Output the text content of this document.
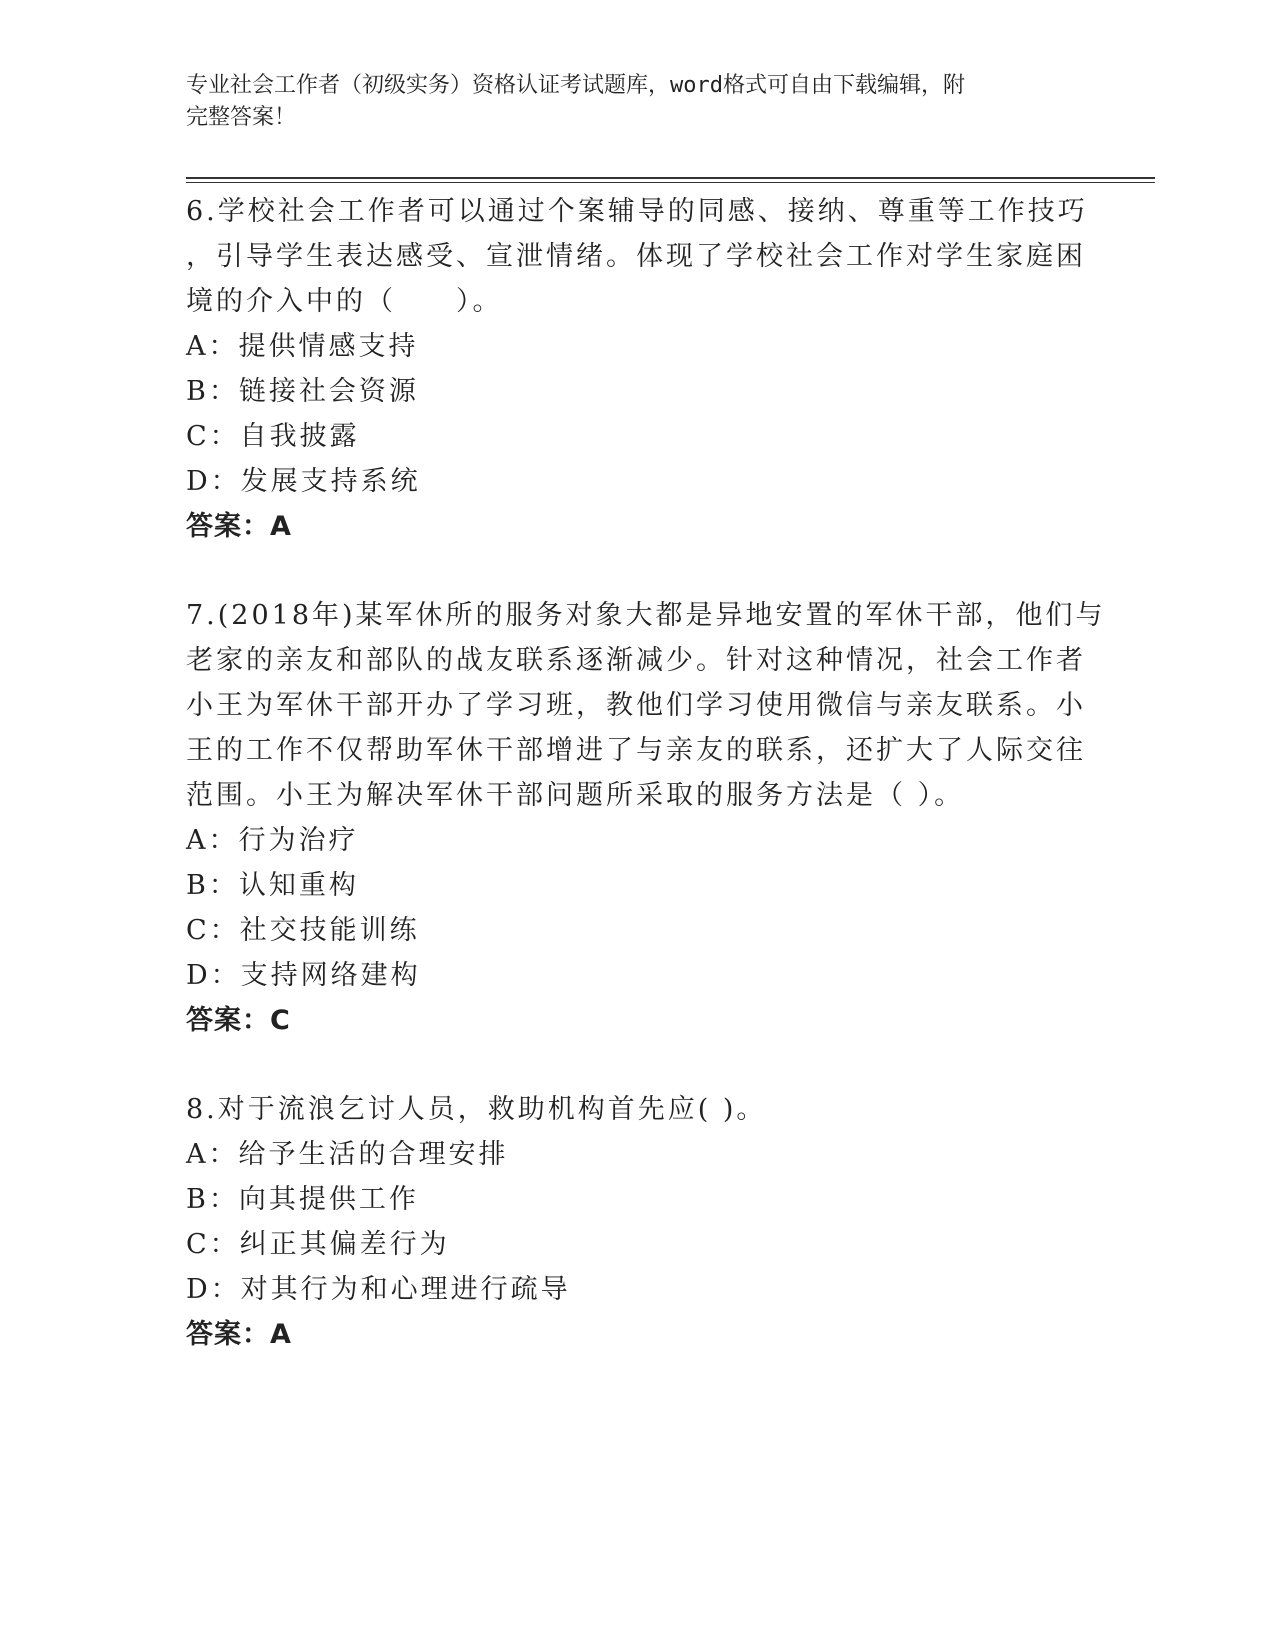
专业社会工作者（初级实务）资格认证考试题库，word格式可自由下载编辑，附
完整答案！
6.学校社会工作者可以通过个案辅导的同感、接纳、尊重等工作技巧
，引导学生表达感受、宣泄情绪。体现了学校社会工作对学生家庭困
境的介入中的（　　）。
A：提供情感支持
B：链接社会资源
C：自我披露
D：发展支持系统
答案：A
7.(2018年)某军休所的服务对象大都是异地安置的军休干部，他们与
老家的亲友和部队的战友联系逐渐减少。针对这种情况，社会工作者
小王为军休干部开办了学习班，教他们学习使用微信与亲友联系。小
王的工作不仅帮助军休干部增进了与亲友的联系，还扩大了人际交往
范围。小王为解决军休干部问题所采取的服务方法是（ ）。
A：行为治疗
B：认知重构
C：社交技能训练
D：支持网络建构
答案：C
8.对于流浪乞讨人员，救助机构首先应( )。
A：给予生活的合理安排
B：向其提供工作
C：纠正其偏差行为
D：对其行为和心理进行疏导
答案：A
